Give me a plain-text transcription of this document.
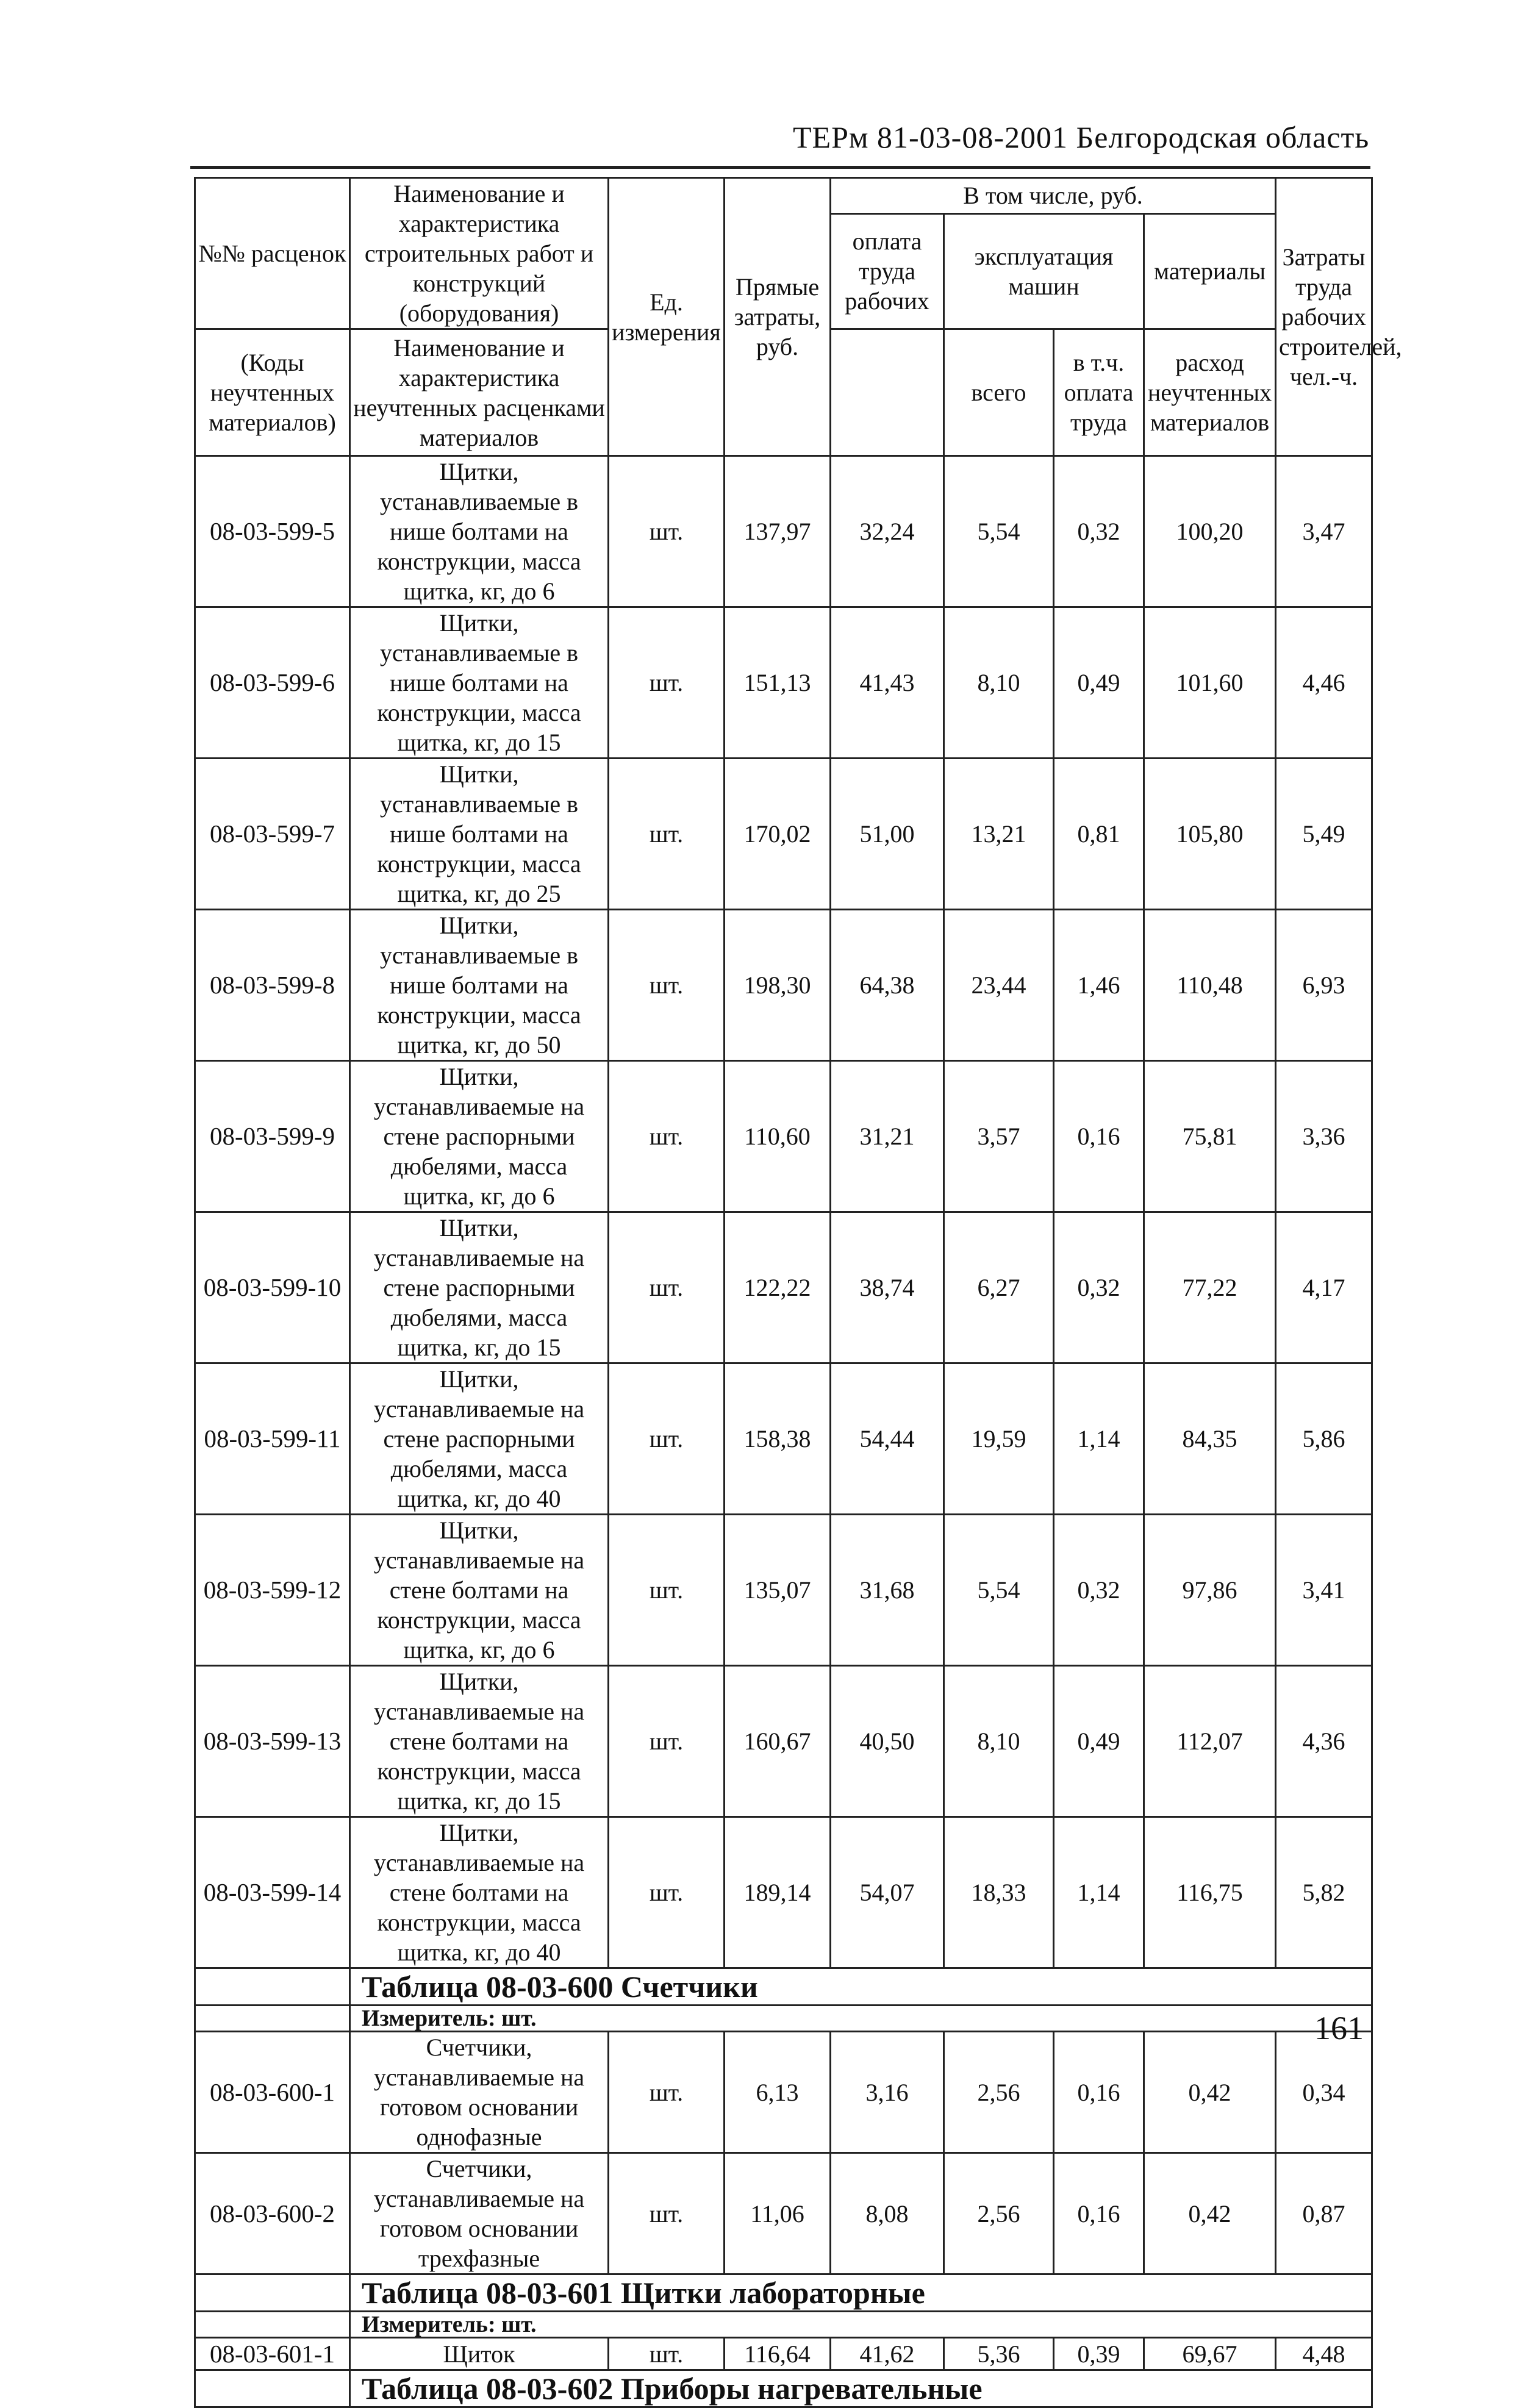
ТЕРм 81-03-08-2001 Белгородская область
№№ расценок	Наименование и характеристика строительных работ и конструкций (оборудования)	Ед. измерения	Прямые затраты, руб.	В том числе, руб.				Затраты труда рабочих строителей, чел.-ч.
				оплата труда рабочих	эксплуатация машин		материалы	
(Коды неучтенных материалов)	Наименование и характеристика неучтенных расценками материалов				всего	в т.ч. оплата труда	расход неучтенных материалов	

08-03-599-5	Щитки, устанавливаемые в нише болтами на конструкции, масса щитка, кг, до 6	шт.	137,97	32,24	5,54	0,32	100,20	3,47
08-03-599-6	Щитки, устанавливаемые в нише болтами на конструкции, масса щитка, кг, до 15	шт.	151,13	41,43	8,10	0,49	101,60	4,46
08-03-599-7	Щитки, устанавливаемые в нише болтами на конструкции, масса щитка, кг, до 25	шт.	170,02	51,00	13,21	0,81	105,80	5,49
08-03-599-8	Щитки, устанавливаемые в нише болтами на конструкции, масса щитка, кг, до 50	шт.	198,30	64,38	23,44	1,46	110,48	6,93
08-03-599-9	Щитки, устанавливаемые на стене распорными дюбелями, масса щитка, кг, до 6	шт.	110,60	31,21	3,57	0,16	75,81	3,36
08-03-599-10	Щитки, устанавливаемые на стене распорными дюбелями, масса щитка, кг, до 15	шт.	122,22	38,74	6,27	0,32	77,22	4,17
08-03-599-11	Щитки, устанавливаемые на стене распорными дюбелями, масса щитка, кг, до 40	шт.	158,38	54,44	19,59	1,14	84,35	5,86
08-03-599-12	Щитки, устанавливаемые на стене болтами на конструкции, масса щитка, кг, до 6	шт.	135,07	31,68	5,54	0,32	97,86	3,41
08-03-599-13	Щитки, устанавливаемые на стене болтами на конструкции, масса щитка, кг, до 15	шт.	160,67	40,50	8,10	0,49	112,07	4,36
08-03-599-14	Щитки, устанавливаемые на стене болтами на конструкции, масса щитка, кг, до 40	шт.	189,14	54,07	18,33	1,14	116,75	5,82
	Таблица 08-03-600 Счетчики							
	Измеритель: шт.							
08-03-600-1	Счетчики, устанавливаемые на готовом основании однофазные	шт.	6,13	3,16	2,56	0,16	0,42	0,34
08-03-600-2	Счетчики, устанавливаемые на готовом основании трехфазные	шт.	11,06	8,08	2,56	0,16	0,42	0,87
	Таблица 08-03-601 Щитки лабораторные							
	Измеритель: шт.							
08-03-601-1	Щиток	шт.	116,64	41,62	5,36	0,39	69,67	4,48
	Таблица 08-03-602 Приборы нагревательные							
161
